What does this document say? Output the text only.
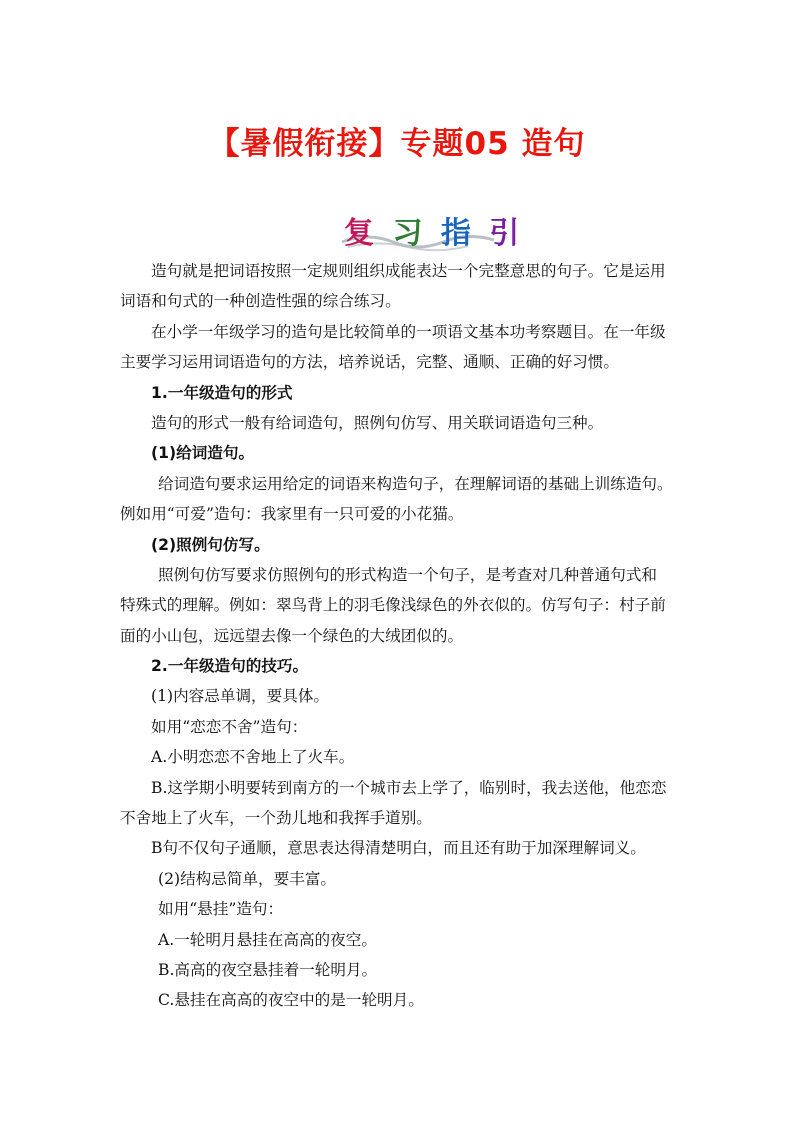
【暑假衔接】专题05 造句
复 习 指 引
造句就是把词语按照一定规则组织成能表达一个完整意思的句子。它是运用
词语和句式的一种创造性强的综合练习。
在小学一年级学习的造句是比较简单的一项语文基本功考察题目。在一年级
主要学习运用词语造句的方法，培养说话，完整、通顺、正确的好习惯。
1.一年级造句的形式
造句的形式一般有给词造句，照例句仿写、用关联词语造句三种。
(1)给词造句。
给词造句要求运用给定的词语来构造句子，在理解词语的基础上训练造句。
例如用“可爱”造句：我家里有一只可爱的小花猫。
(2)照例句仿写。
照例句仿写要求仿照例句的形式构造一个句子，是考查对几种普通句式和
特殊式的理解。例如：翠鸟背上的羽毛像浅绿色的外衣似的。仿写句子：村子前
面的小山包，远远望去像一个绿色的大绒团似的。
2.一年级造句的技巧。
(1)内容忌单调，要具体。
如用“恋恋不舍”造句：
A.小明恋恋不舍地上了火车。
B.这学期小明要转到南方的一个城市去上学了，临别时，我去送他，他恋恋
不舍地上了火车，一个劲儿地和我挥手道别。
B句不仅句子通顺，意思表达得清楚明白，而且还有助于加深理解词义。
(2)结构忌简单，要丰富。
如用“悬挂”造句：
A.一轮明月悬挂在高高的夜空。
B.高高的夜空悬挂着一轮明月。
C.悬挂在高高的夜空中的是一轮明月。
